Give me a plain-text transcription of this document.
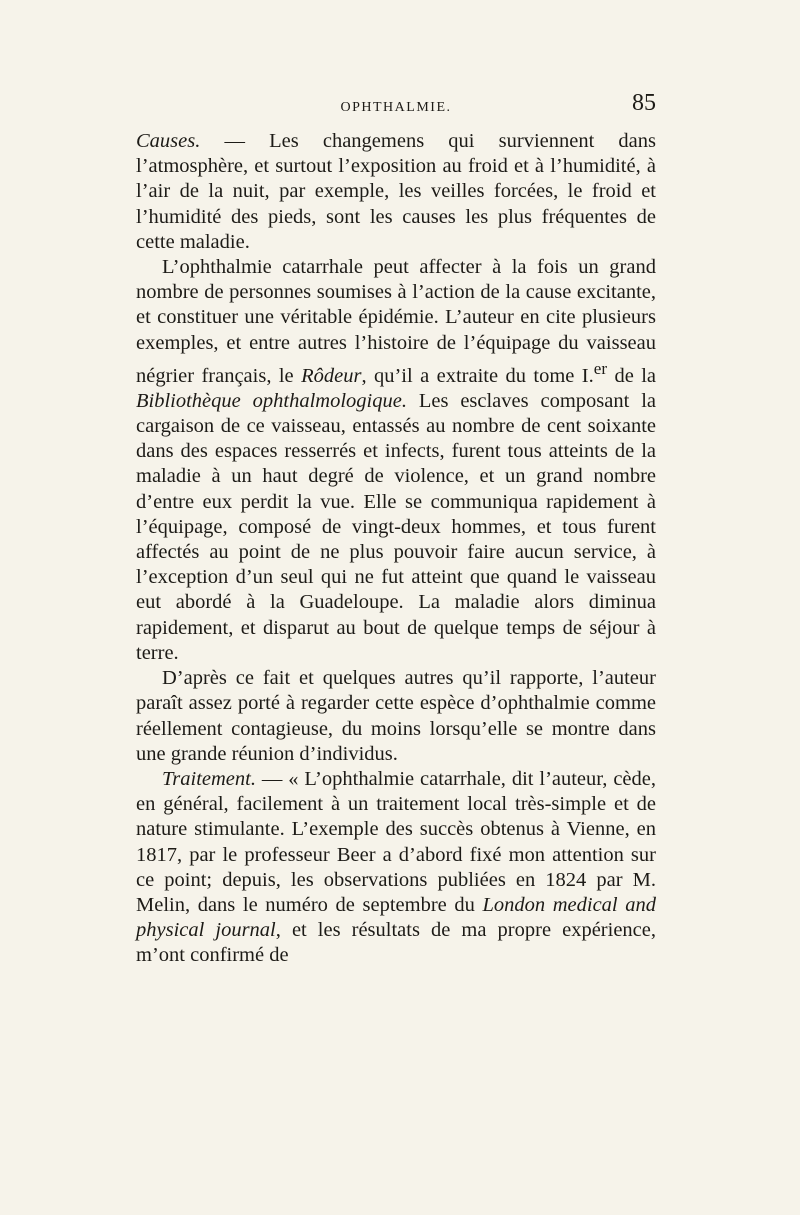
OPHTHALMIE.	85

Causes. — Les changemens qui surviennent dans l’atmosphère, et surtout l’exposition au froid et à l’humidité, à l’air de la nuit, par exemple, les veilles forcées, le froid et l’humidité des pieds, sont les causes les plus fréquentes de cette maladie.

L’ophthalmie catarrhale peut affecter à la fois un grand nombre de personnes soumises à l’action de la cause excitante, et constituer une véritable épidémie. L’auteur en cite plusieurs exemples, et entre autres l’histoire de l’équipage du vaisseau négrier français, le Rôdeur, qu’il a extraite du tome I.$^{er}$ de la Bibliothèque ophthalmologique. Les esclaves composant la cargaison de ce vaisseau, entassés au nombre de cent soixante dans des espaces resserrés et infects, furent tous atteints de la maladie à un haut degré de violence, et un grand nombre d’entre eux perdit la vue. Elle se communiqua rapidement à l’équipage, composé de vingt-deux hommes, et tous furent affectés au point de ne plus pouvoir faire aucun service, à l’exception d’un seul qui ne fut atteint que quand le vaisseau eut abordé à la Guadeloupe. La maladie alors diminua rapidement, et disparut au bout de quelque temps de séjour à terre.

D’après ce fait et quelques autres qu’il rapporte, l’auteur paraît assez porté à regarder cette espèce d’ophthalmie comme réellement contagieuse, du moins lorsqu’elle se montre dans une grande réunion d’individus.

Traitement. — « L’ophthalmie catarrhale, dit l’auteur, cède, en général, facilement à un traitement local très-simple et de nature stimulante. L’exemple des succès obtenus à Vienne, en 1817, par le professeur Beer a d’abord fixé mon attention sur ce point; depuis, les observations publiées en 1824 par M. Melin, dans le numéro de septembre du London medical and physical journal, et les résultats de ma propre expérience, m’ont confirmé de
